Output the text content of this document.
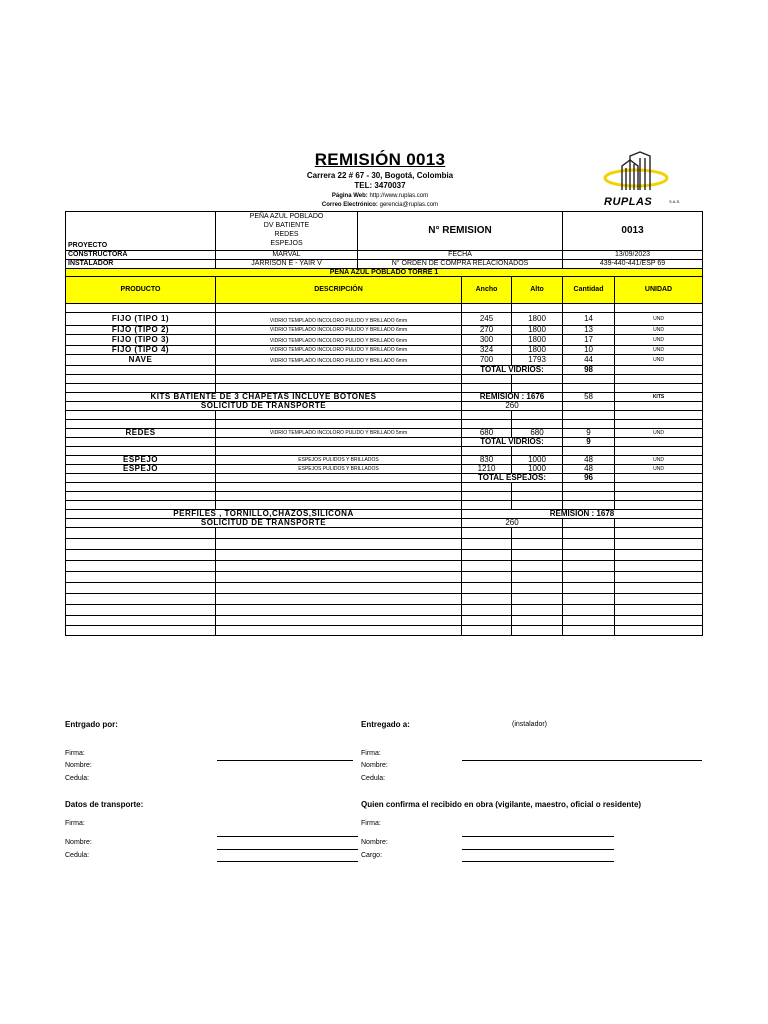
REMISIÓN 0013
Carrera 22 # 67 - 30, Bogotá, Colombia
TEL: 3470037
Página Web: http://www.ruplas.com
Correo Electrónico: gerencia@ruplas.com	RUPLAS	S.A.S.
PROYECTO	PEÑA AZUL POBLADO
DV BATIENTE
REDES
ESPEJOS	N° REMISION			0013	
CONSTRUCTORA	MARVAL	FECHA			13/09/2023	
INSTALADOR	JARRISON E - YAIR V	N° ORDEN DE COMPRA RELACIONADOS			439-440-441/ESP 69	
PEÑA AZUL POBLADO TORRE 1						
PRODUCTO	DESCRIPCIÓN		Ancho	Alto	Cantidad	UNIDAD

FIJO (TIPO 1)	VIDRIO TEMPLADO INCOLORO PULIDO Y BRILLADO 6mm		245	1800	14	UND
FIJO (TIPO 2)	VIDRIO TEMPLADO INCOLORO PULIDO Y BRILLADO 6mm		270	1800	13	UND
FIJO (TIPO 3)	VIDRIO TEMPLADO INCOLORO PULIDO Y BRILLADO 6mm		300	1800	17	UND
FIJO (TIPO 4)	VIDRIO TEMPLADO INCOLORO PULIDO Y BRILLADO 6mm		324	1800	10	UND
NAVE	VIDRIO TEMPLADO INCOLORO PULIDO Y BRILLADO 6mm		700	1793	44	UND
			TOTAL VIDRIOS:		98	

KITS BATIENTE DE 3 CHAPETAS INCLUYE BOTONES			REMISION : 1676		58	KITS
SOLICITUD DE TRANSPORTE			260			

REDES	VIDRIO TEMPLADO INCOLORO PULIDO Y BRILLADO 5mm		680	680	9	UND
			TOTAL VIDRIOS:		9	

ESPEJO	ESPEJOS PULIDOS Y BRILLADOS		830	1000	48	UND
ESPEJO	ESPEJOS PULIDOS Y BRILLADOS		1210	1000	48	UND
			TOTAL ESPEJOS:		96	

PERFILES , TORNILLO,CHAZOS,SILICONA			REMISION : 1678			
SOLICITUD DE TRANSPORTE			260			

Entrgado por:	Entregado a:	(instalador)
Firma:
Nombre:
Cedula:
Firma:
Nombre:
Cedula:
Datos de transporte:	Quien confirma el recibido en obra (vigilante, maestro, oficial o residente)
Firma:
Nombre:
Cedula:
Firma:
Nombre:
Cargo:
